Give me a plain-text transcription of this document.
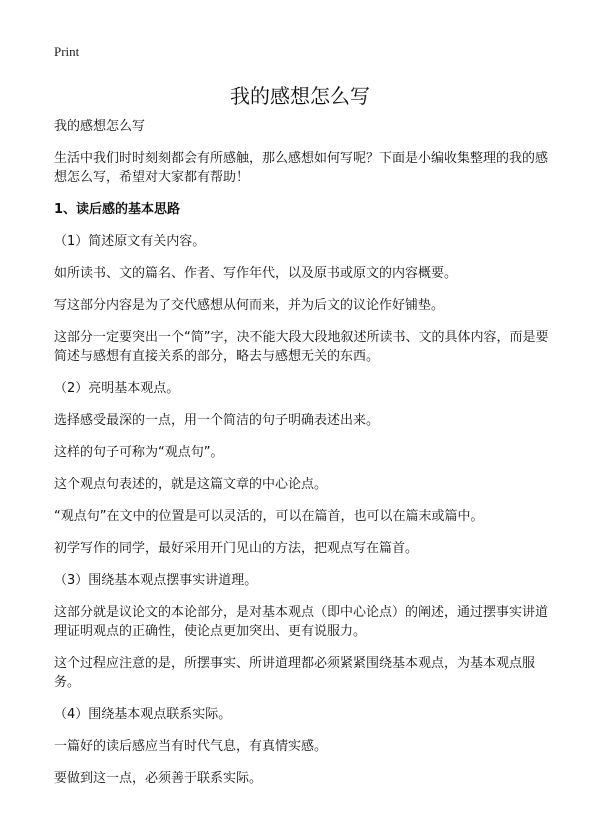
Print
我的感想怎么写

我的感想怎么写

生活中我们时时刻刻都会有所感触，那么感想如何写呢？下面是小编收集整理的我的感想怎么写，希望对大家都有帮助！

1、读后感的基本思路

（1）简述原文有关内容。

如所读书、文的篇名、作者、写作年代，以及原书或原文的内容概要。

写这部分内容是为了交代感想从何而来，并为后文的议论作好铺垫。

这部分一定要突出一个“简”字，决不能大段大段地叙述所读书、文的具体内容，而是要简述与感想有直接关系的部分，略去与感想无关的东西。

（2）亮明基本观点。

选择感受最深的一点，用一个简洁的句子明确表述出来。

这样的句子可称为“观点句”。

这个观点句表述的，就是这篇文章的中心论点。

“观点句”在文中的位置是可以灵活的，可以在篇首，也可以在篇末或篇中。

初学写作的同学，最好采用开门见山的方法，把观点写在篇首。

（3）围绕基本观点摆事实讲道理。

这部分就是议论文的本论部分，是对基本观点（即中心论点）的阐述，通过摆事实讲道理证明观点的正确性，使论点更加突出、更有说服力。

这个过程应注意的是，所摆事实、所讲道理都必须紧紧围绕基本观点，为基本观点服务。

（4）围绕基本观点联系实际。

一篇好的读后感应当有时代气息，有真情实感。

要做到这一点，必须善于联系实际。
